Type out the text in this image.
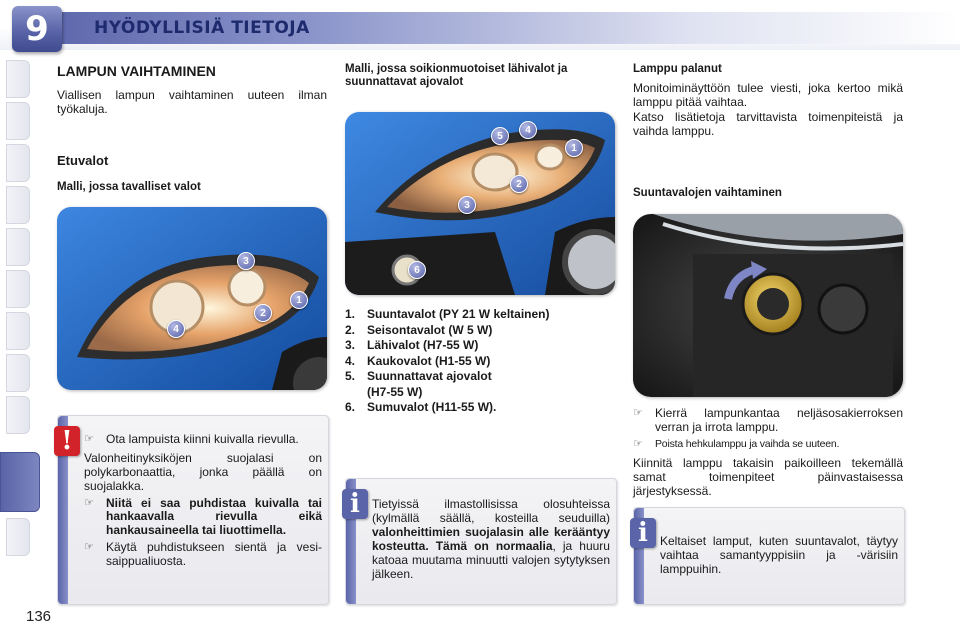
9	HYÖDYLLISIÄ TIETOJA
LAMPUN VAIHTAMINEN
Viallisen lampun vaihtaminen uuteen ilman työkaluja.
Etuvalot
Malli, jossa tavalliset valot
3
1
2
4
!	☞	Ota lampuista kiinni kuivalla rievulla.
Valonheitinyksiköjen suojalasi on polykarbonaattia, jonka päällä on suojalakka.
☞	Niitä ei saa puhdistaa kuivalla tai hankaavalla rievulla eikä hankausaineella tai liuottimella.
☞	Käytä puhdistukseen sientä ja vesi-saippualiuosta.
Malli, jossa soikionmuotoiset lähivalot ja suunnattavat ajovalot
5
4
1
2
3
6
1. Suuntavalot (PY 21 W keltainen)
2. Seisontavalot (W 5 W)
3. Lähivalot (H7-55 W)
4. Kaukovalot (H1-55 W)
5. Suunnattavat ajovalot
(H7-55 W)
6. Sumuvalot (H11-55 W).
i	Tietyissä ilmastollisissa olosuhteissa (kylmällä säällä, kosteilla seuduilla) valonheittimien suojalasin alle kerääntyy kosteutta. Tämä on normaalia, ja huuru katoaa muutama minuutti valojen sytytyksen jälkeen.
Lamppu palanut
Monitoiminäyttöön tulee viesti, joka kertoo mikä lamppu pitää vaihtaa.
Katso lisätietoja tarvittavista toimenpiteistä ja vaihda lamppu.
Suuntavalojen vaihtaminen
☞	Kierrä lampunkantaa neljäsosakierroksen verran ja irrota lamppu.
☞	Poista hehkulamppu ja vaihda se uuteen.
Kiinnitä lamppu takaisin paikoilleen tekemällä samat toimenpiteet päinvastaisessa järjestyksessä.
i	Keltaiset lamput, kuten suuntavalot, täytyy vaihtaa samantyyppisiin ja -värisiin lamppuihin.
136
